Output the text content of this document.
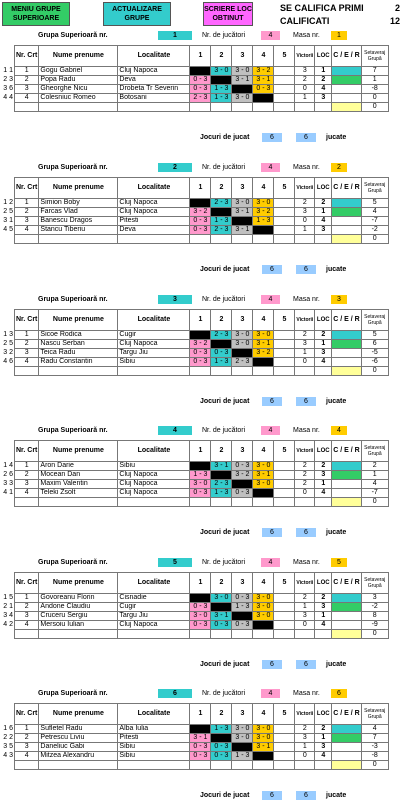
MENIU GRUPE SUPERIOARE
ACTUALIZARE GRUPE
SCRIERE LOC OBTINUT
SE CALIFICA PRIMI	2
CALIFICATI	12
Grupa Superioară nr.	1	Nr. de jucători	4	Masa nr.	1
	Nr. Crt	Nume prenume	Localitate	1	2	3	4	5	Victorii	LOC	C / E / R	Setaveraj Grupă
1 1	1	Gogu Gabriel	Cluj Napoca		3 - 0	3 - 0	3 - 2		3	1		7
2 3	2	Popa Radu	Deva	0 - 3		3 - 1	3 - 1		2	2		1
3 6	3	Gheorghe Nicu	Drobeta Tr Severin	0 - 3	1 - 3		0 - 3		0	4		-8
4 4	4	Colesniuc Romeo	Botosani	2 - 3	1 - 3	3 - 0			1	3		0
												0
Jocuri de jucat	6	6	jucate
Grupa Superioară nr.	2	Nr. de jucători	4	Masa nr.	2
	Nr. Crt	Nume prenume	Localitate	1	2	3	4	5	Victorii	LOC	C / E / R	Setaveraj Grupă
1 2	1	Simion Boby	Cluj Napoca		2 - 3	3 - 0	3 - 0		2	2		5
2 5	2	Farcas Vlad	Cluj Napoca	3 - 2		3 - 1	3 - 2		3	1		4
3 1	3	Banescu Dragos	Pitesti	0 - 3	1 - 3		1 - 3		0	4		-7
4 5	4	Stancu Tiberiu	Deva	0 - 3	2 - 3	3 - 1			1	3		-2
												0
Jocuri de jucat	6	6	jucate
Grupa Superioară nr.	3	Nr. de jucători	4	Masa nr.	3
	Nr. Crt	Nume prenume	Localitate	1	2	3	4	5	Victorii	LOC	C / E / R	Setaveraj Grupă
1 3	1	Sicoe Rodica	Cugir		2 - 3	3 - 0	3 - 0		2	2		5
2 5	2	Nascu Serban	Cluj Napoca	3 - 2		3 - 0	3 - 1		3	1		6
3 2	3	Teica Radu	Targu Jiu	0 - 3	0 - 3		3 - 2		1	3		-5
4 6	4	Radu Constantin	Sibiu	0 - 3	1 - 3	2 - 3			0	4		-6
												0
Jocuri de jucat	6	6	jucate
Grupa Superioară nr.	4	Nr. de jucători	4	Masa nr.	4
	Nr. Crt	Nume prenume	Localitate	1	2	3	4	5	Victorii	LOC	C / E / R	Setaveraj Grupă
1 4	1	Aron Darie	Sibiu		3 - 1	0 - 3	3 - 0		2	2		2
2 6	2	Mocean Dan	Cluj Napoca	1 - 3		3 - 2	3 - 1		2	3		1
3 3	3	Maxim Valentin	Cluj Napoca	3 - 0	2 - 3		3 - 0		2	1		4
4 1	4	Teleki Zsolt	Cluj Napoca	0 - 3	1 - 3	0 - 3			0	4		-7
												0
Jocuri de jucat	6	6	jucate
Grupa Superioară nr.	5	Nr. de jucători	4	Masa nr.	5
	Nr. Crt	Nume prenume	Localitate	1	2	3	4	5	Victorii	LOC	C / E / R	Setaveraj Grupă
1 5	1	Govoreanu Florin	Cisnadie		3 - 0	0 - 3	3 - 0		2	2		3
2 1	2	Andone Claudiu	Cugir	0 - 3		1 - 3	3 - 0		1	3		-2
3 4	3	Cruceru Sergiu	Targu Jiu	3 - 0	3 - 1		3 - 0		3	1		8
4 2	4	Mersoiu Iulian	Cluj Napoca	0 - 3	0 - 3	0 - 3			0	4		-9
												0
Jocuri de jucat	6	6	jucate
Grupa Superioară nr.	6	Nr. de jucători	4	Masa nr.	6
	Nr. Crt	Nume prenume	Localitate	1	2	3	4	5	Victorii	LOC	C / E / R	Setaveraj Grupă
1 6	1	Sufletel Radu	Alba Iulia		1 - 3	3 - 0	3 - 0		2	2		4
2 2	2	Petrescu Liviu	Pitesti	3 - 1		3 - 0	3 - 0		3	1		7
3 5	3	Daneliuc Gabi	Sibiu	0 - 3	0 - 3		3 - 1		1	3		-3
4 3	4	Mitzea Alexandru	Sibiu	0 - 3	0 - 3	1 - 3			0	4		-8
												0
Jocuri de jucat	6	6	jucate
